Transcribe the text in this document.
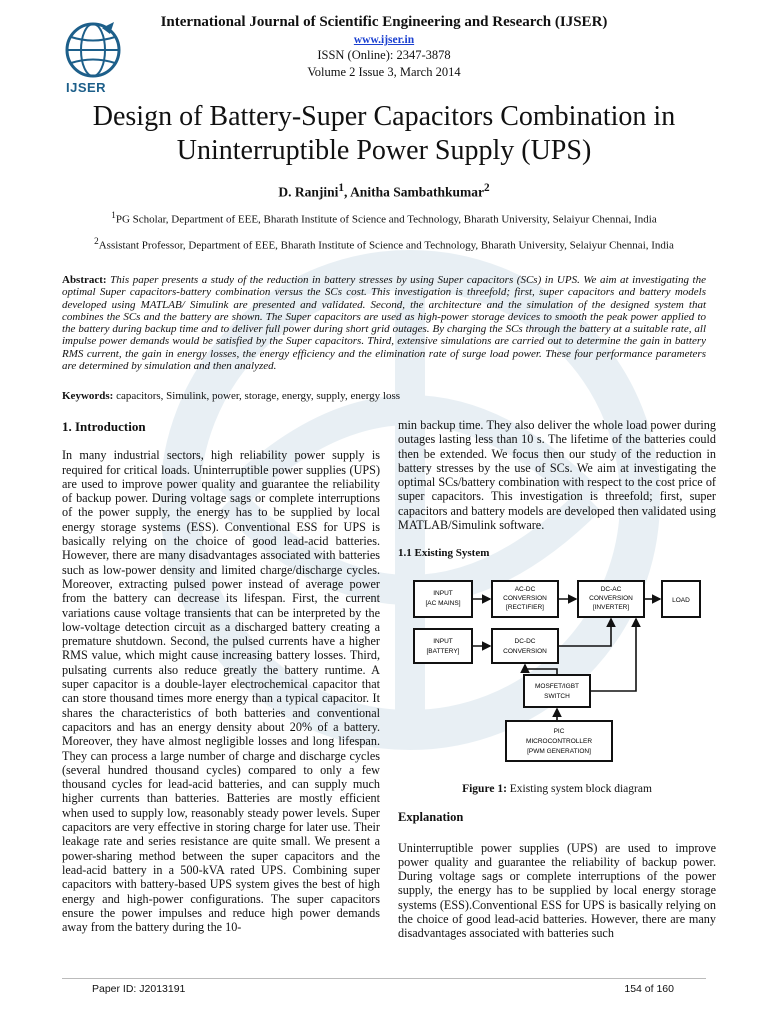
IJSER
International Journal of Scientific Engineering and Research (IJSER)
www.ijser.in
ISSN (Online): 2347-3878
Volume 2 Issue 3, March 2014
Design of Battery-Super Capacitors Combination in Uninterruptible Power Supply (UPS)
D. Ranjini$^1$, Anitha Sambathkumar$^2$
$^1$PG Scholar, Department of EEE, Bharath Institute of Science and Technology, Bharath University, Selaiyur Chennai, India
$^2$Assistant Professor, Department of EEE, Bharath Institute of Science and Technology, Bharath University, Selaiyur Chennai, India
Abstract: This paper presents a study of the reduction in battery stresses by using Super capacitors (SCs) in UPS. We aim at investigating the optimal Super capacitors-battery combination versus the SCs cost. This investigation is threefold; first, super capacitors and battery models developed using MATLAB/ Simulink are presented and validated. Second, the architecture and the simulation of the designed system that combines the SCs and the battery are shown. The Super capacitors are used as high-power storage devices to smooth the peak power applied to the battery during backup time and to deliver full power during short grid outages. By charging the SCs through the battery at a suitable rate, all impulse power demands would be satisfied by the Super capacitors. Third, extensive simulations are carried out to determine the gain in battery RMS current, the gain in energy losses, the energy efficiency and the elimination rate of surge load power. These four performance parameters are determined by simulation and then analyzed.
Keywords: capacitors, Simulink, power, storage, energy, supply, energy loss
1. Introduction

In many industrial sectors, high reliability power supply is required for critical loads. Uninterruptible power supplies (UPS) are used to improve power quality and guarantee the reliability of backup power. During voltage sags or complete interruptions of the power supply, the energy has to be supplied by local energy storage systems (ESS). Conventional ESS for UPS is basically relying on the choice of good lead-acid batteries. However, there are many disadvantages associated with batteries such as low-power density and limited charge/discharge cycles. Moreover, extracting pulsed power instead of average power from the battery can decrease its lifespan. First, the current variations cause voltage transients that can be interpreted by the low-voltage detection circuit as a discharged battery creating a premature shutdown. Second, the pulsed currents have a higher RMS value, which might cause increasing battery losses. Third, pulsating currents also reduce greatly the battery runtime. A super capacitor is a double-layer electrochemical capacitor that can store thousand times more energy than a typical capacitor. It shares the characteristics of both batteries and conventional capacitors and has an energy density about 20% of a battery. Moreover, they have almost negligible losses and long lifespan. They can process a large number of charge and discharge cycles (several hundred thousand cycles) compared to only a few thousand cycles for lead-acid batteries, and can supply much higher currents than batteries. Batteries are mostly efficient when used to supply low, reasonably steady power levels. Super capacitors are very effective in storing charge for later use. Their leakage rate and series resistance are quite small. We present a power-sharing method between the super capacitors and the lead-acid battery in a 500-kVA rated UPS. Combining super capacitors with battery-based UPS system gives the best of high energy and high-power configurations. The super capacitors ensure the power impulses and reduce high power demands away from the battery during the 10-

min backup time. They also deliver the whole load power during outages lasting less than 10 s. The lifetime of the batteries could then be extended. We focus then our study of the reduction in battery stresses by the use of SCs. We aim at investigating the optimal SCs/battery combination with respect to the cost price of super capacitors. This investigation is threefold; first, super capacitors and battery models are developed then validated using MATLAB/Simulink software.

1.1 Existing System
INPUT
[AC MAINS]
AC-DC
CONVERSION
[RECTIFIER]
DC-AC
CONVERSION
[INVERTER]
LOAD
INPUT
[BATTERY]
DC-DC
CONVERSION
MOSFET/IGBT
SWITCH
PIC
MICROCONTROLLER
[PWM GENERATION]
Figure 1: Existing system block diagram
Explanation

Uninterruptible power supplies (UPS) are used to improve power quality and guarantee the reliability of backup power. During voltage sags or complete interruptions of the power supply, the energy has to be supplied by local energy storage systems (ESS).Conventional ESS for UPS is basically relying on the choice of good lead-acid batteries. However, there are many disadvantages associated with batteries such

Paper ID: J2013191	154 of 160
